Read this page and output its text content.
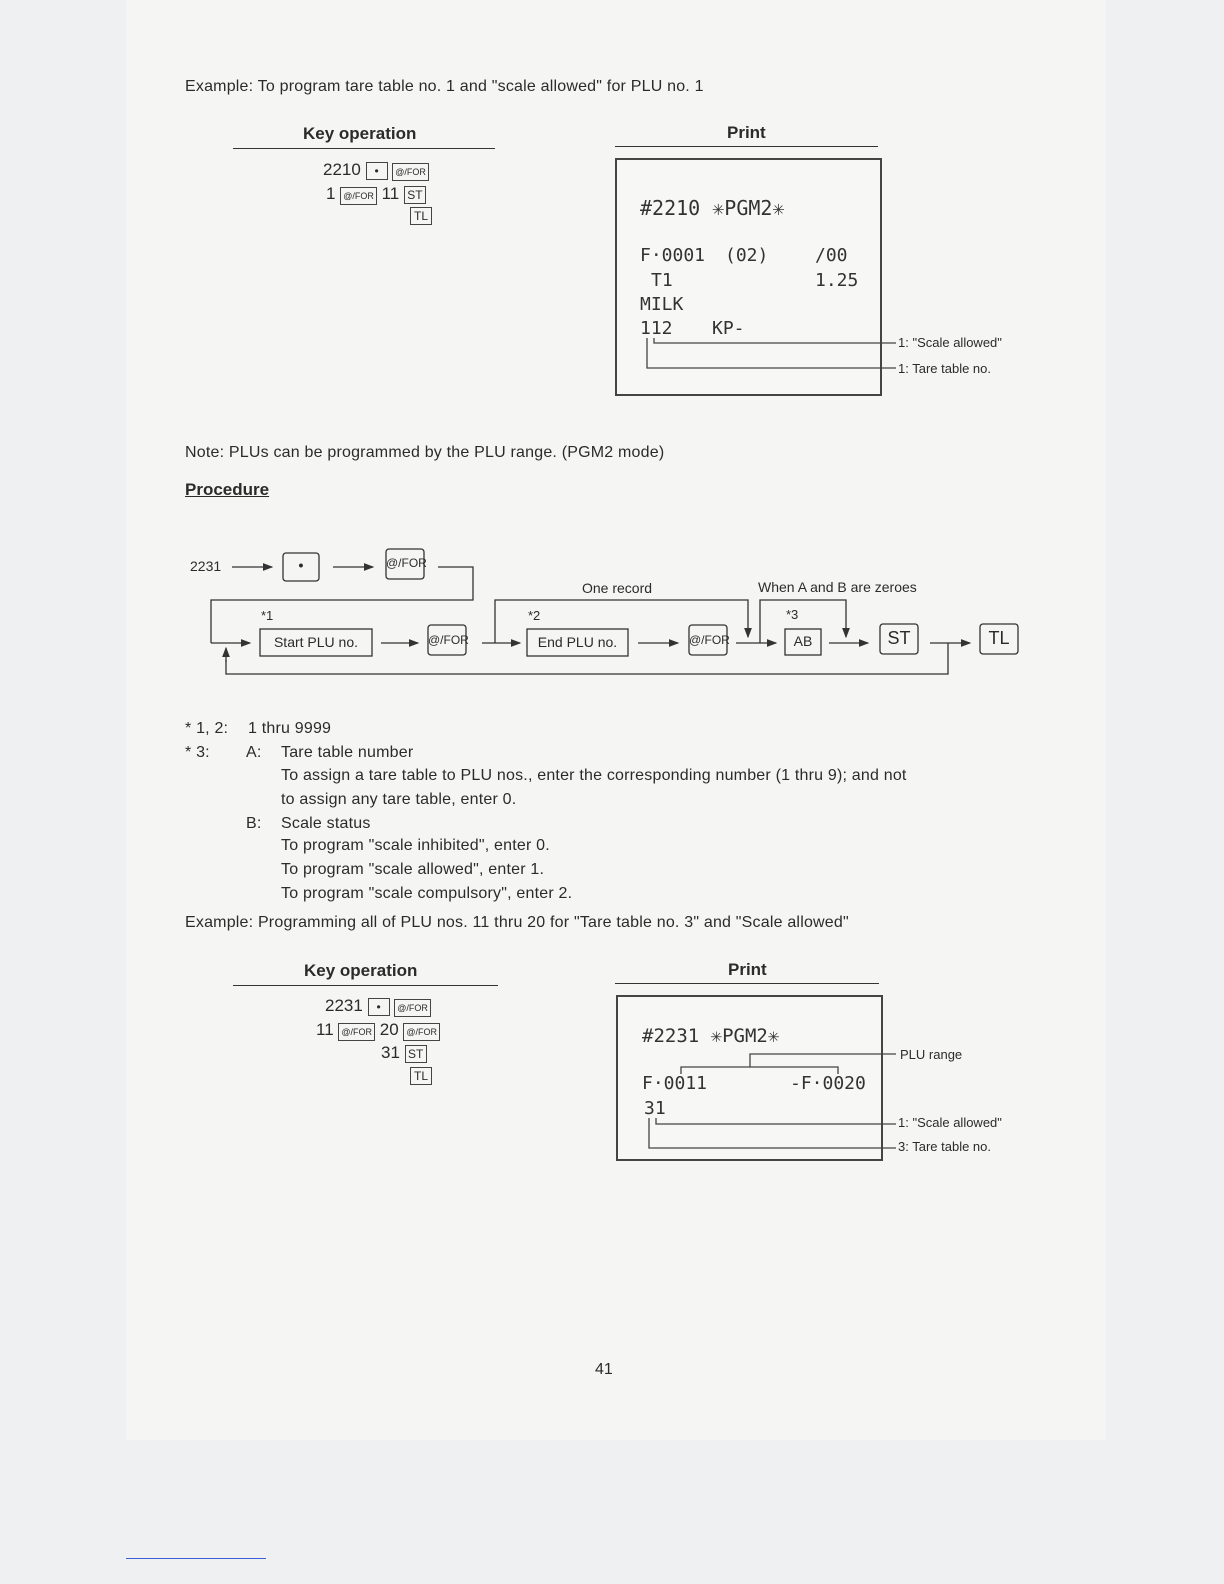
Example: To program tare table no. 1 and "scale allowed" for PLU no. 1
Key operation	Print
2210 • @/FOR
1 @/FOR 11 ST
TL	#2210 ✳PGM2✳
F·0001 (02)	/00
T1	1.25
MILK
112 KP-
1: "Scale allowed"
1: Tare table no.
Note: PLUs can be programmed by the PLU range. (PGM2 mode)
Procedure
2231	•	@/FOR
One record	When A and B are zeroes
*1	*2	*3
Start PLU no.	@/FOR	End PLU no.	@/FOR	AB	ST	TL
* 1, 2: 1 thru 9999
* 3: A: Tare table number
To assign a tare table to PLU nos., enter the corresponding number (1 thru 9); and not
to assign any tare table, enter 0.
B: Scale status
To program "scale inhibited", enter 0.
To program "scale allowed", enter 1.
To program "scale compulsory", enter 2.
Example: Programming all of PLU nos. 11 thru 20 for "Tare table no. 3" and "Scale allowed"
Key operation	Print
2231 • @/FOR
11 @/FOR 20 @/FOR
31 ST
TL
#2231 ✳PGM2✳
F·0011	-F·0020
31
PLU range
1: "Scale allowed"
3: Tare table no.
41
